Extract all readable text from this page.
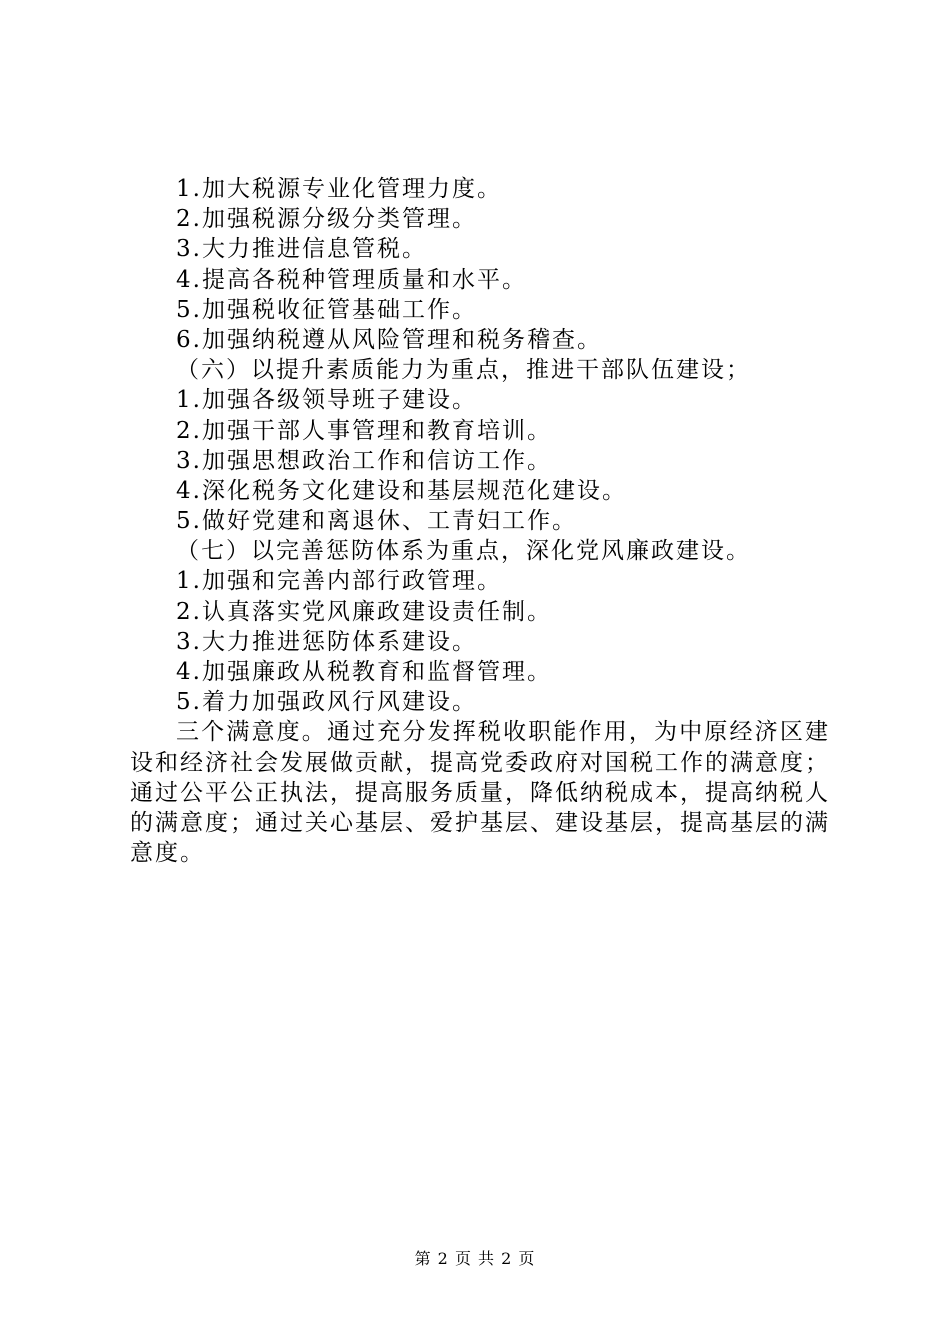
1.加大税源专业化管理力度。
2.加强税源分级分类管理。
3.大力推进信息管税。
4.提高各税种管理质量和水平。
5.加强税收征管基础工作。
6.加强纳税遵从风险管理和税务稽查。
（六）以提升素质能力为重点，推进干部队伍建设；
1.加强各级领导班子建设。
2.加强干部人事管理和教育培训。
3.加强思想政治工作和信访工作。
4.深化税务文化建设和基层规范化建设。
5.做好党建和离退休、工青妇工作。
（七）以完善惩防体系为重点，深化党风廉政建设。
1.加强和完善内部行政管理。
2.认真落实党风廉政建设责任制。
3.大力推进惩防体系建设。
4.加强廉政从税教育和监督管理。
5.着力加强政风行风建设。

三个满意度。通过充分发挥税收职能作用，为中原经济区建设和经济社会发展做贡献，提高党委政府对国税工作的满意度；通过公平公正执法，提高服务质量，降低纳税成本，提高纳税人的满意度；通过关心基层、爱护基层、建设基层，提高基层的满意度。

第 2 页 共 2 页
